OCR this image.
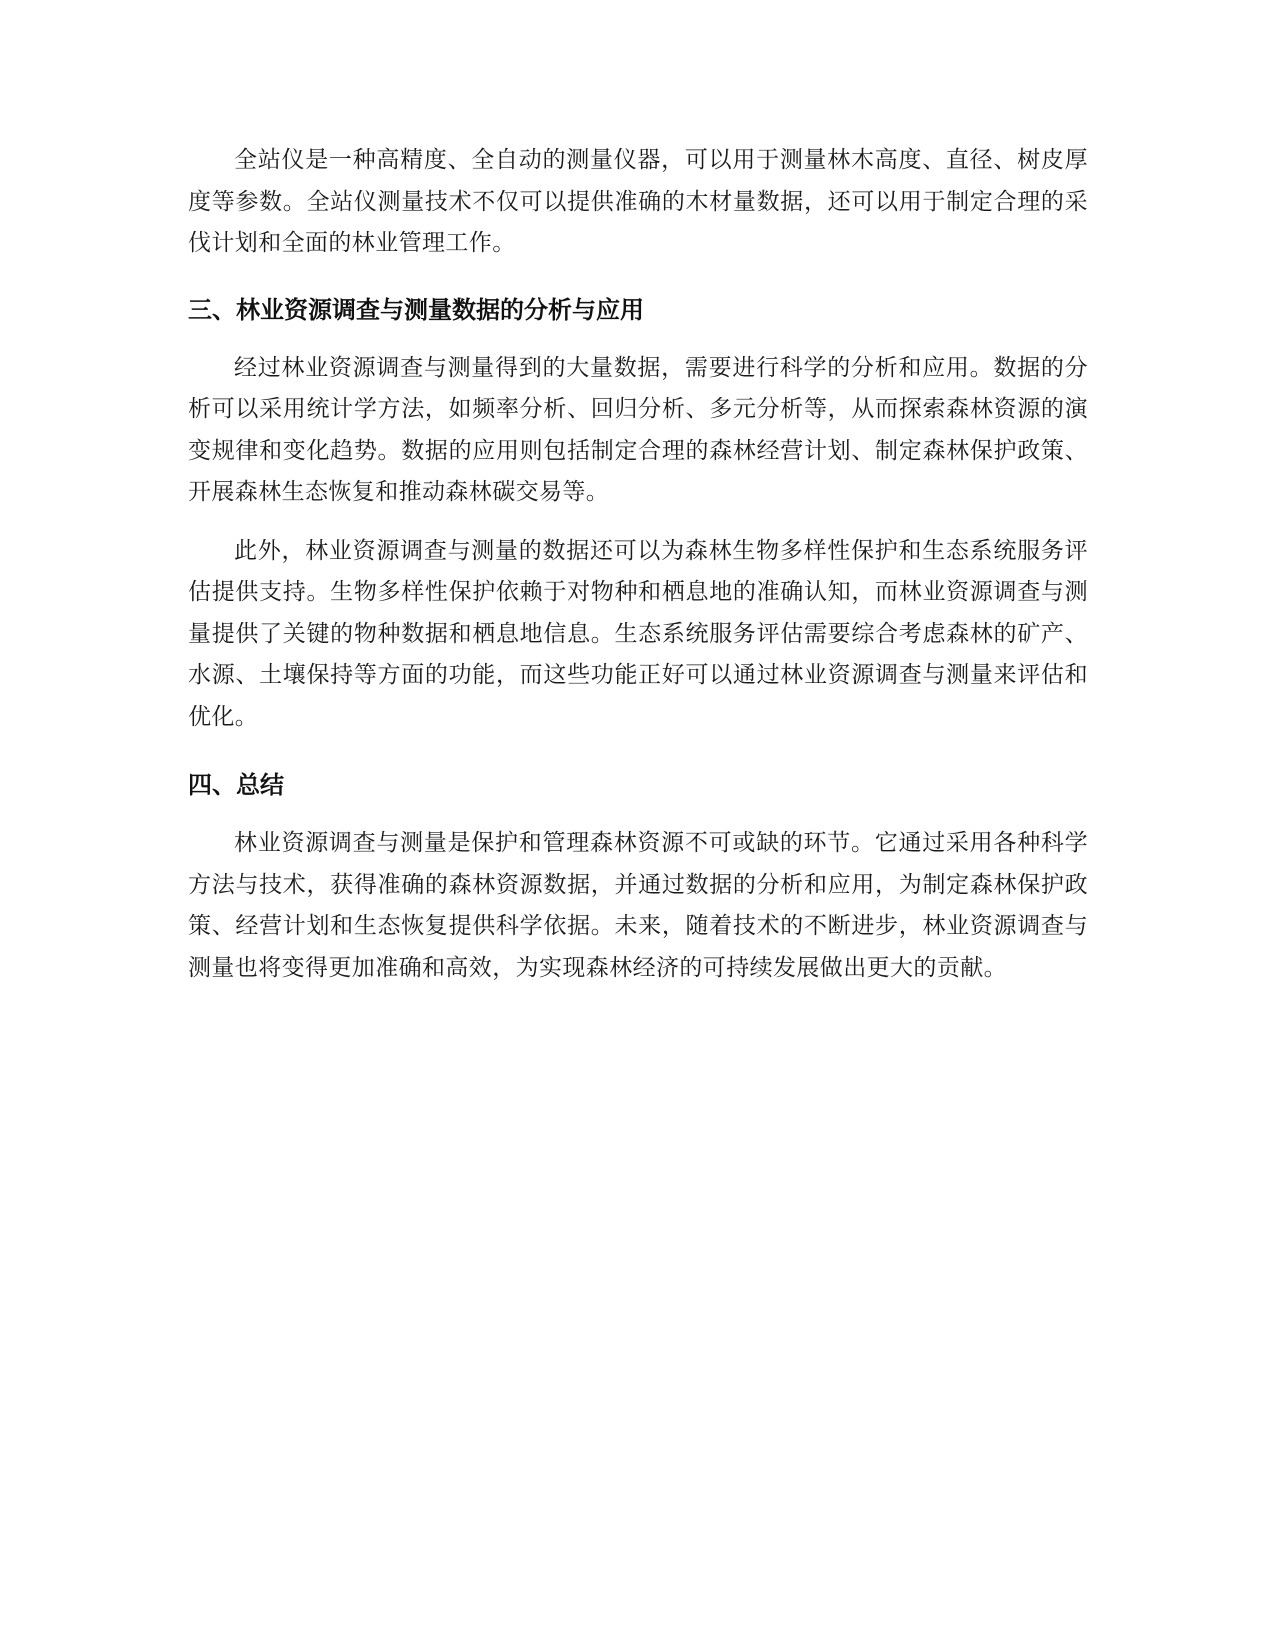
全站仪是一种高精度、全自动的测量仪器，可以用于测量林木高度、直径、树皮厚度等参数。全站仪测量技术不仅可以提供准确的木材量数据，还可以用于制定合理的采伐计划和全面的林业管理工作。

三、林业资源调查与测量数据的分析与应用

经过林业资源调查与测量得到的大量数据，需要进行科学的分析和应用。数据的分析可以采用统计学方法，如频率分析、回归分析、多元分析等，从而探索森林资源的演变规律和变化趋势。数据的应用则包括制定合理的森林经营计划、制定森林保护政策、开展森林生态恢复和推动森林碳交易等。

此外，林业资源调查与测量的数据还可以为森林生物多样性保护和生态系统服务评估提供支持。生物多样性保护依赖于对物种和栖息地的准确认知，而林业资源调查与测量提供了关键的物种数据和栖息地信息。生态系统服务评估需要综合考虑森林的矿产、水源、土壤保持等方面的功能，而这些功能正好可以通过林业资源调查与测量来评估和优化。

四、总结

林业资源调查与测量是保护和管理森林资源不可或缺的环节。它通过采用各种科学方法与技术，获得准确的森林资源数据，并通过数据的分析和应用，为制定森林保护政策、经营计划和生态恢复提供科学依据。未来，随着技术的不断进步，林业资源调查与测量也将变得更加准确和高效，为实现森林经济的可持续发展做出更大的贡献。
